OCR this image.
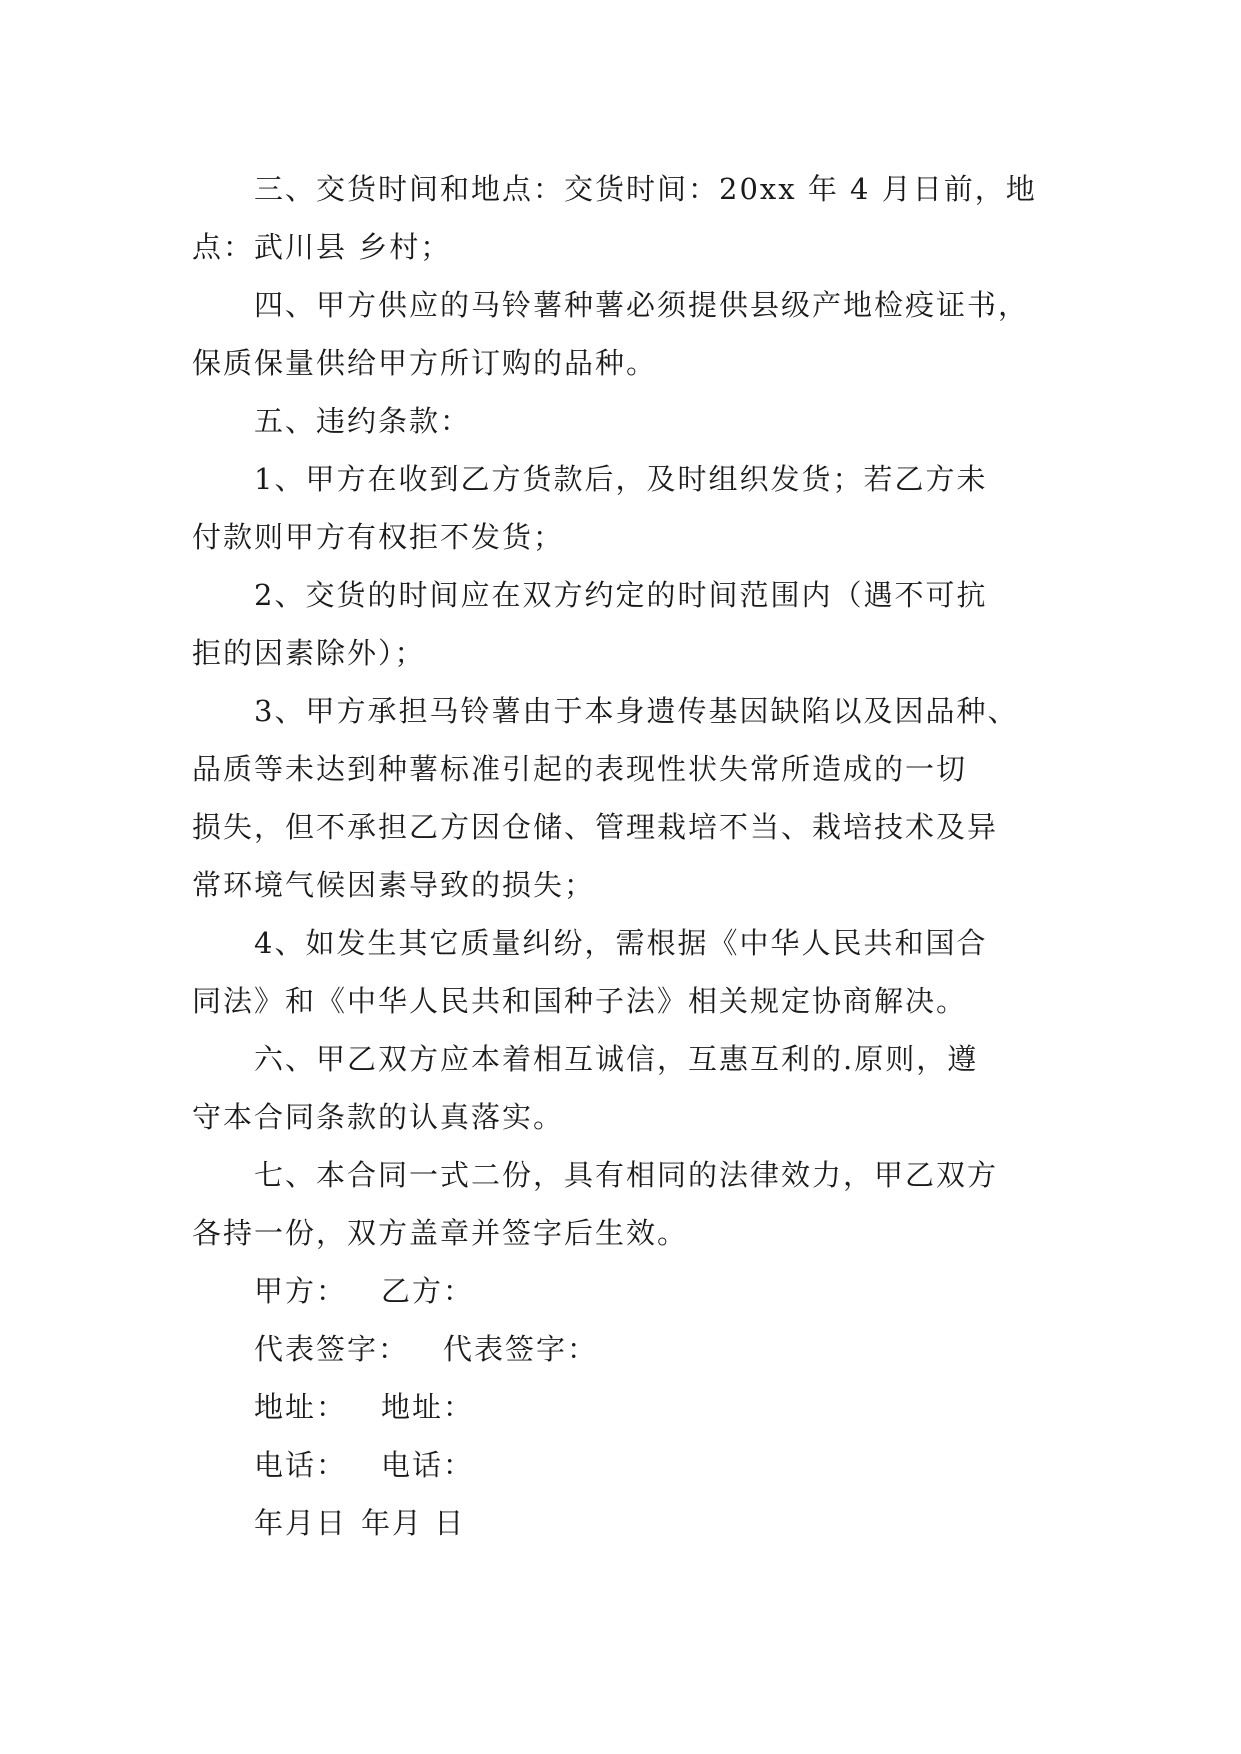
三、交货时间和地点：交货时间：20xx 年 4 月日前，地
点：武川县 乡村；
四、甲方供应的马铃薯种薯必须提供县级产地检疫证书，
保质保量供给甲方所订购的品种。
五、违约条款：
1、甲方在收到乙方货款后，及时组织发货；若乙方未
付款则甲方有权拒不发货；
2、交货的时间应在双方约定的时间范围内（遇不可抗
拒的因素除外）；
3、甲方承担马铃薯由于本身遗传基因缺陷以及因品种、
品质等未达到种薯标准引起的表现性状失常所造成的一切
损失，但不承担乙方因仓储、管理栽培不当、栽培技术及异
常环境气候因素导致的损失；
4、如发生其它质量纠纷，需根据《中华人民共和国合
同法》和《中华人民共和国种子法》相关规定协商解决。
六、甲乙双方应本着相互诚信，互惠互利的.原则，遵
守本合同条款的认真落实。
七、本合同一式二份，具有相同的法律效力，甲乙双方
各持一份，双方盖章并签字后生效。
甲方： 乙方：
代表签字： 代表签字：
地址： 地址：
电话： 电话：
年月日 年月 日
